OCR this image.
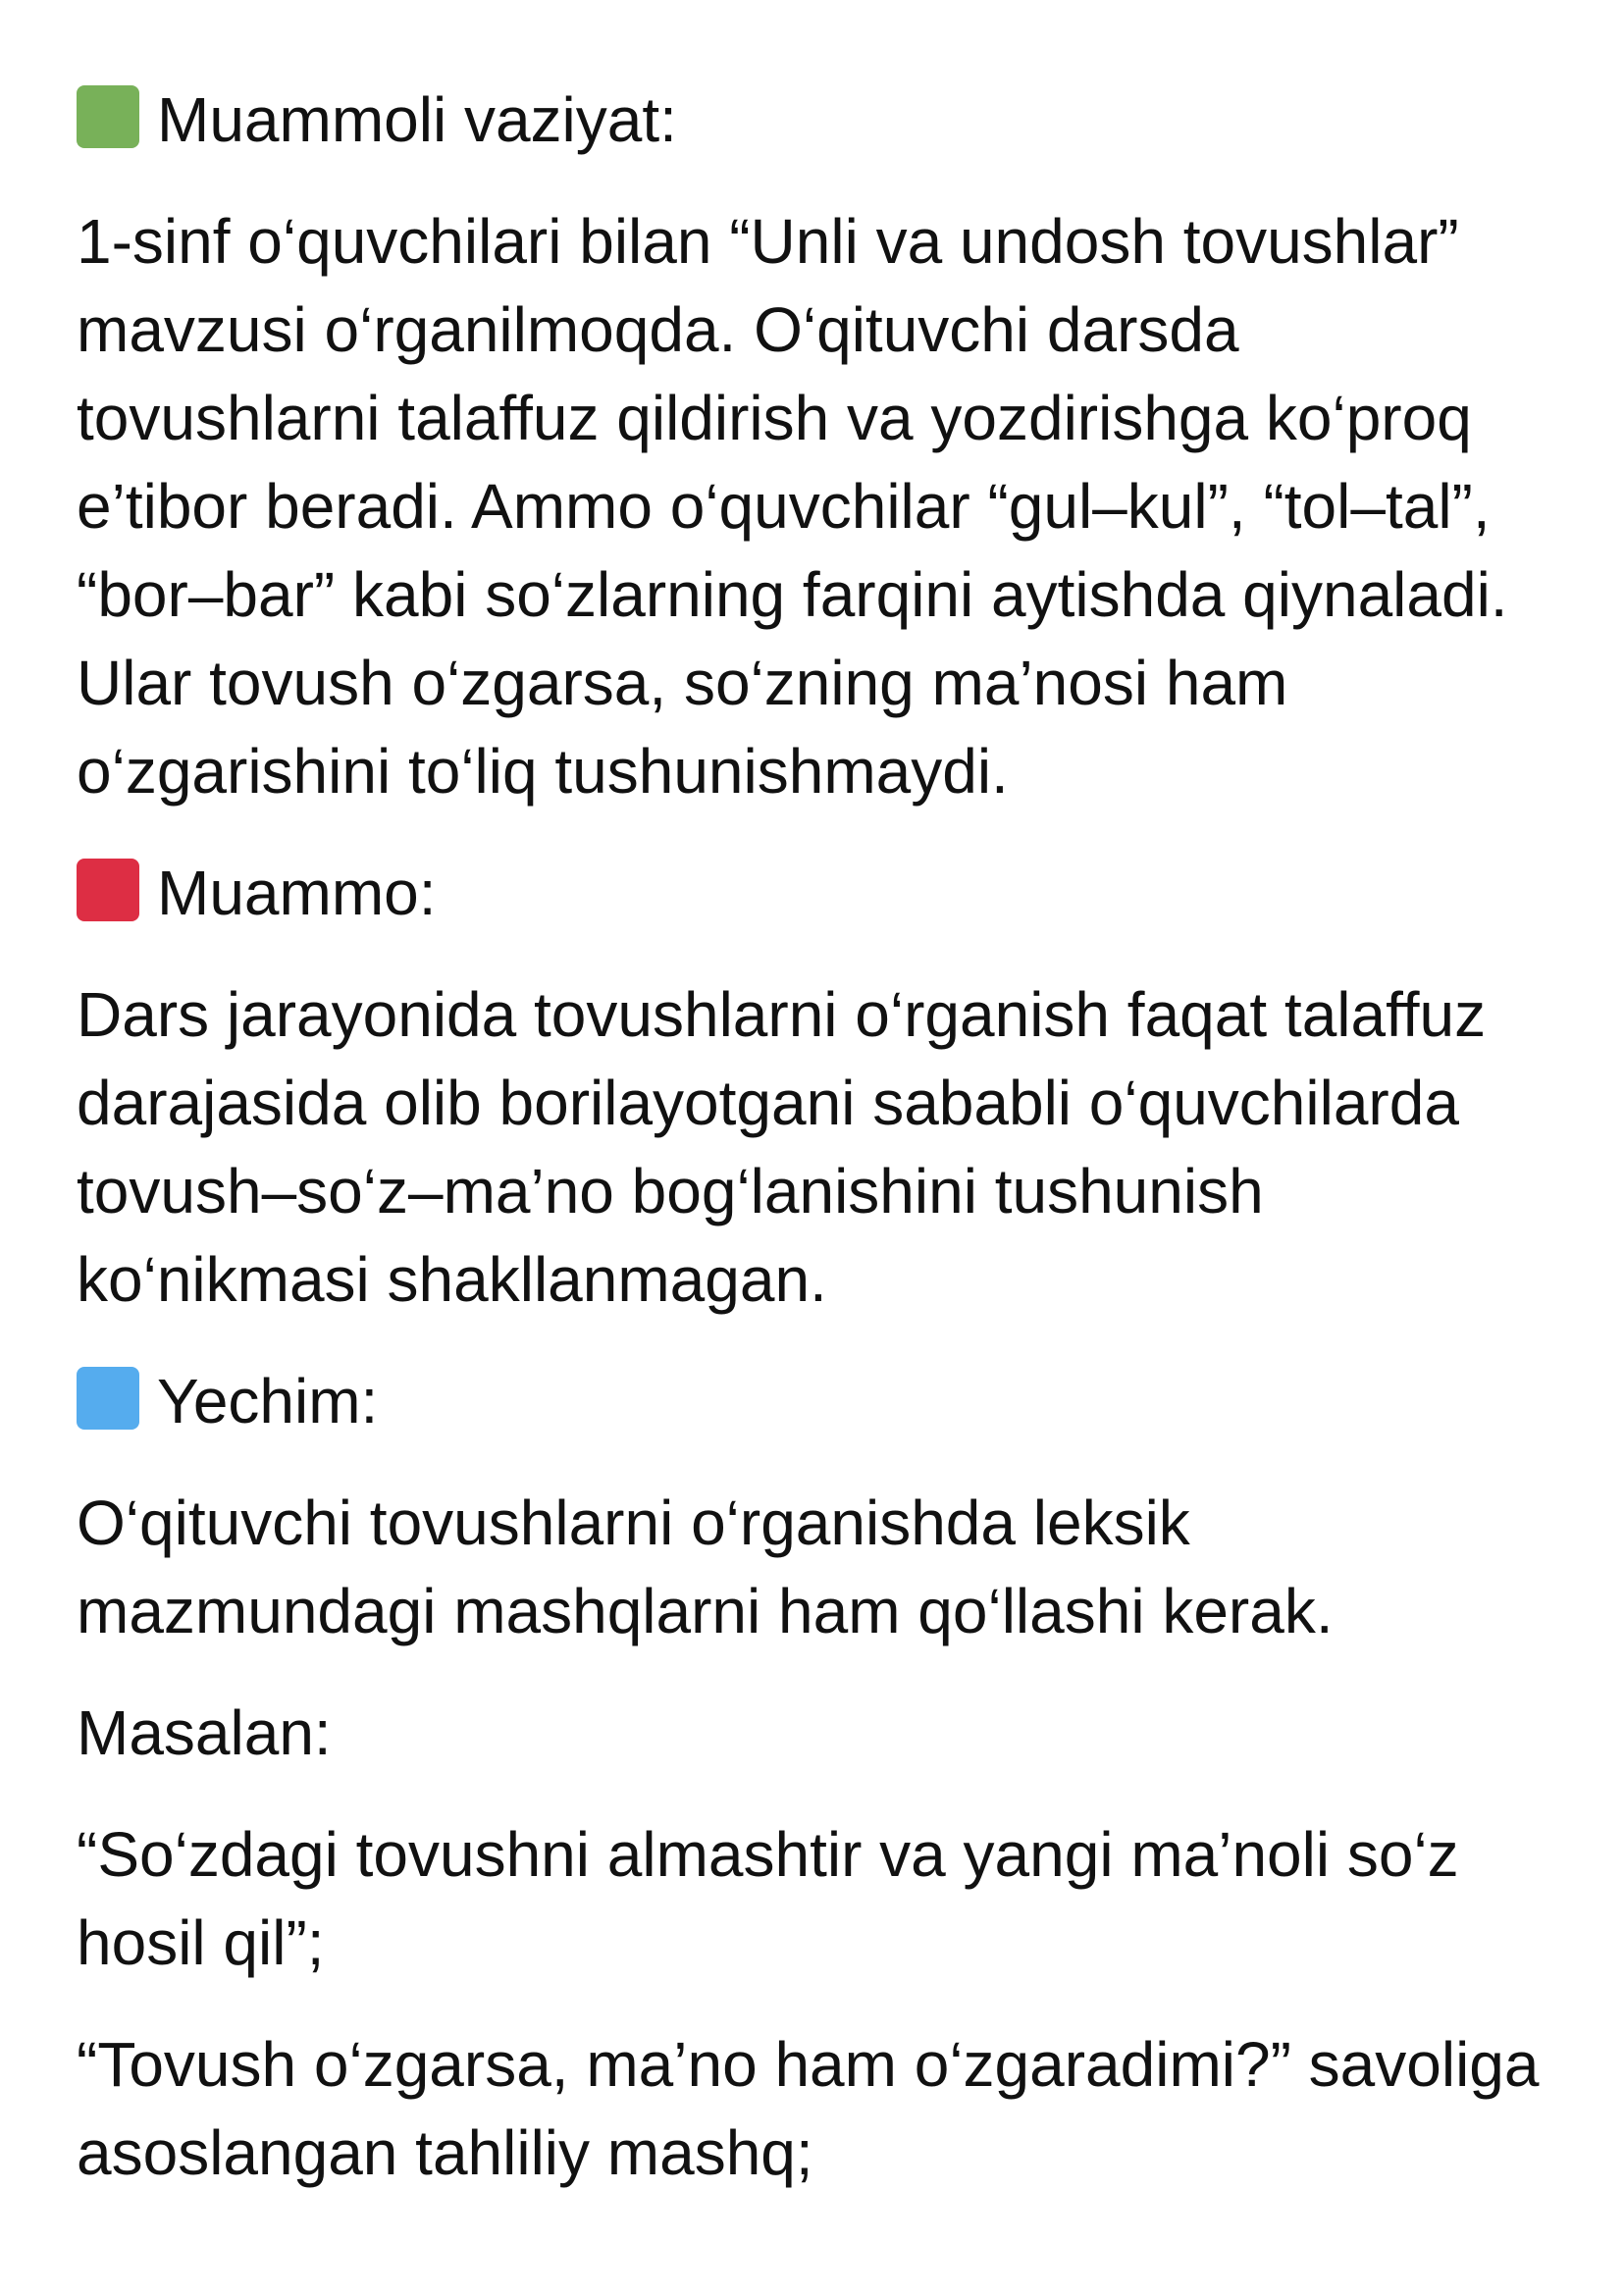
Muammoli vaziyat:
1-sinf o‘quvchilari bilan “Unli va undosh tovushlar”
mavzusi o‘rganilmoqda. O‘qituvchi darsda
tovushlarni talaffuz qildirish va yozdirishga ko‘proq
e’tibor beradi. Ammo o‘quvchilar “gul–kul”, “tol–tal”,
“bor–bar” kabi so‘zlarning farqini aytishda qiynaladi.
Ular tovush o‘zgarsa, so‘zning ma’nosi ham
o‘zgarishini to‘liq tushunishmaydi.
Muammo:
Dars jarayonida tovushlarni o‘rganish faqat talaffuz
darajasida olib borilayotgani sababli o‘quvchilarda
tovush–so‘z–ma’no bog‘lanishini tushunish
ko‘nikmasi shakllanmagan.
Yechim:
O‘qituvchi tovushlarni o‘rganishda leksik
mazmundagi mashqlarni ham qo‘llashi kerak.
Masalan:
“So‘zdagi tovushni almashtir va yangi ma’noli so‘z
hosil qil”;
“Tovush o‘zgarsa, ma’no ham o‘zgaradimi?” savoliga
asoslangan tahliliy mashq;
